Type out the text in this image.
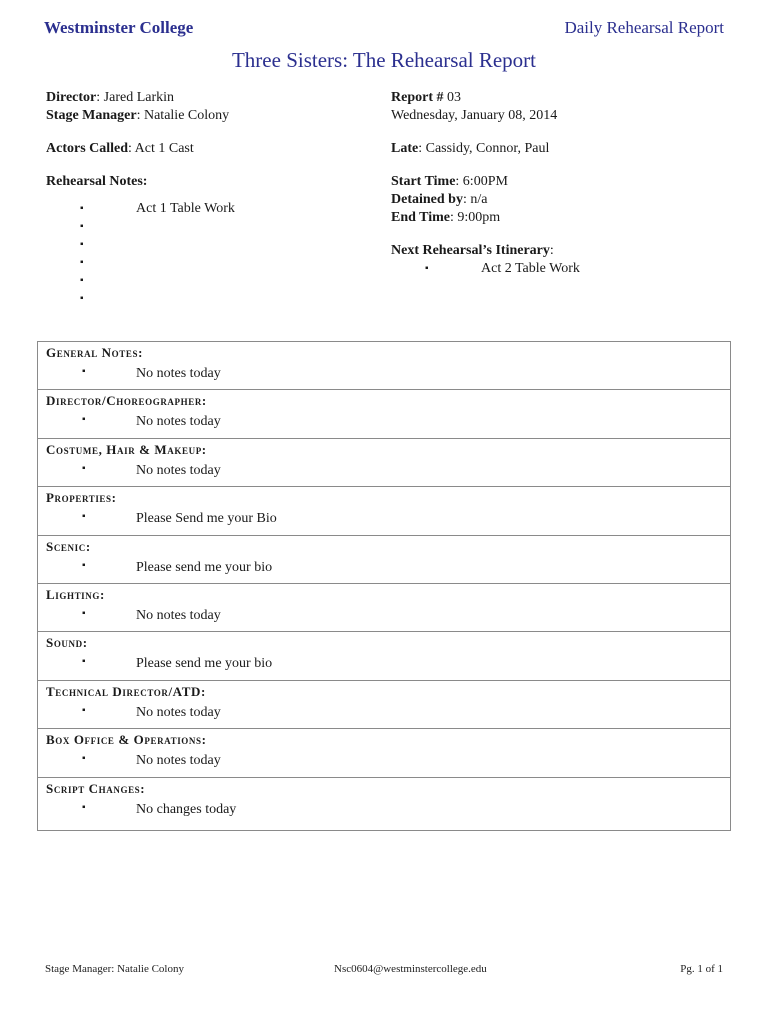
Westminster College	Daily Rehearsal Report
Three Sisters: The Rehearsal Report
Director: Jared Larkin
Stage Manager: Natalie Colony
Actors Called: Act 1 Cast
Rehearsal Notes:
▪	Act 1 Table Work
▪
▪
▪
▪
▪
Report # 03
Wednesday, January 08, 2014
Late: Cassidy, Connor, Paul
Start Time: 6:00PM
Detained by: n/a
End Time: 9:00pm
Next Rehearsal’s Itinerary:
▪	Act 2 Table Work
General Notes:
▪	No notes today
Director/Choreographer:
▪	No notes today
Costume, Hair & Makeup:
▪	No notes today
Properties:
▪	Please Send me your Bio
Scenic:
▪	Please send me your bio
Lighting:
▪	No notes today
Sound:
▪	Please send me your bio
Technical Director/ATD:
▪	No notes today
Box Office & Operations:
▪	No notes today
Script Changes:
▪	No changes today
Stage Manager: Natalie Colony	Nsc0604@westminstercollege.edu	Pg. 1 of 1
